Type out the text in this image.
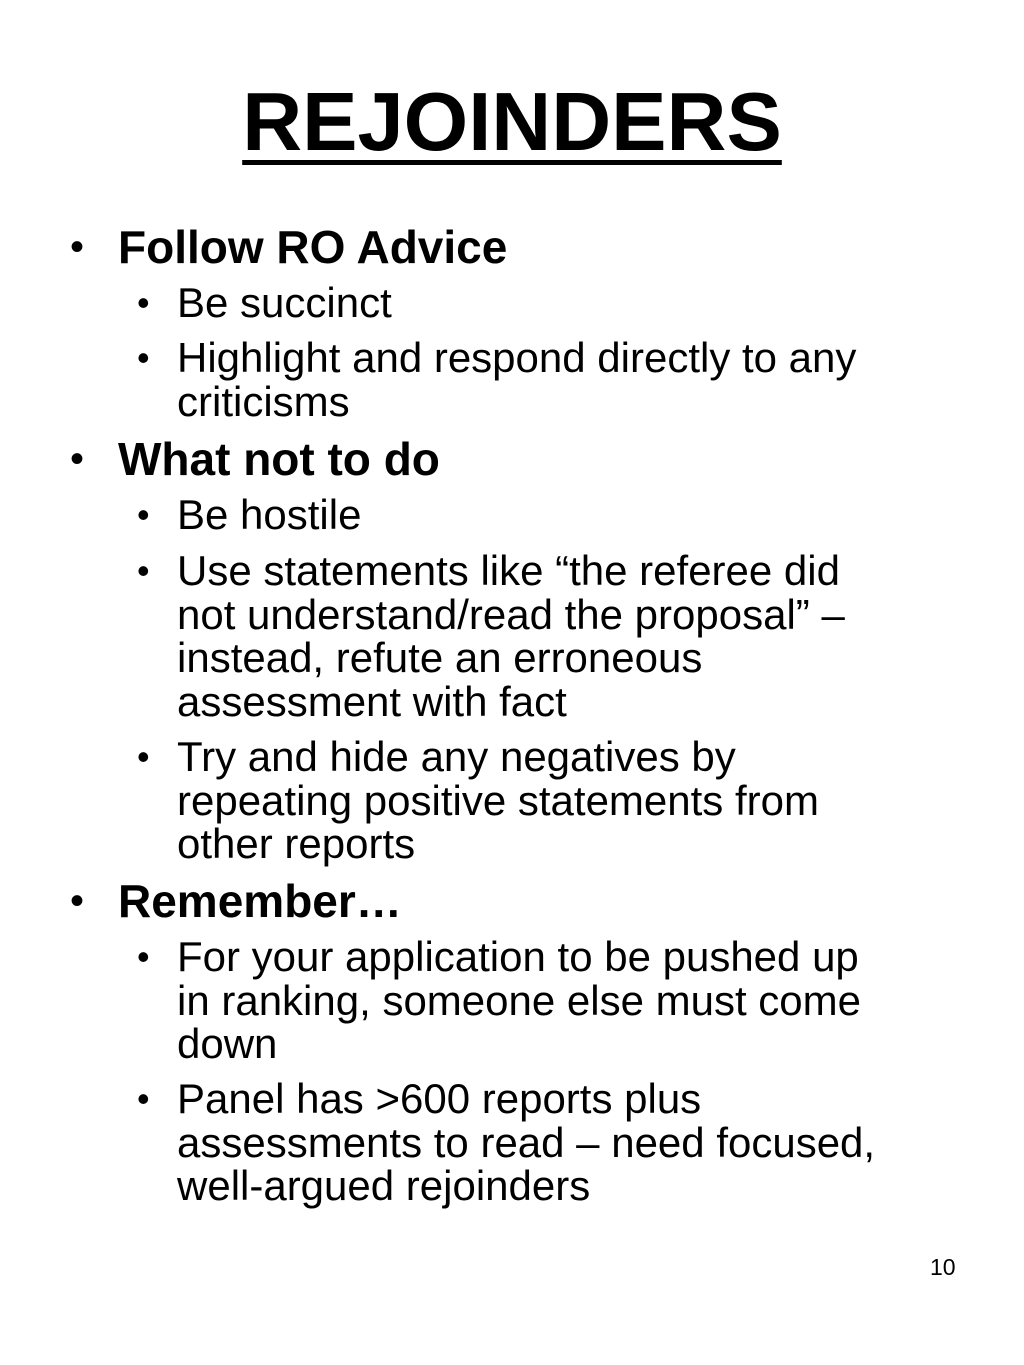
REJOINDERS
• Follow RO Advice
• Be succinct
• Highlight and respond directly to any
criticisms
• What not to do
• Be hostile
• Use statements like “the referee did
not understand/read the proposal” –
instead, refute an erroneous
assessment with fact
• Try and hide any negatives by
repeating positive statements from
other reports
• Remember…
• For your application to be pushed up
in ranking, someone else must come
down
• Panel has >600 reports plus
assessments to read – need focused,
well-argued rejoinders
10
